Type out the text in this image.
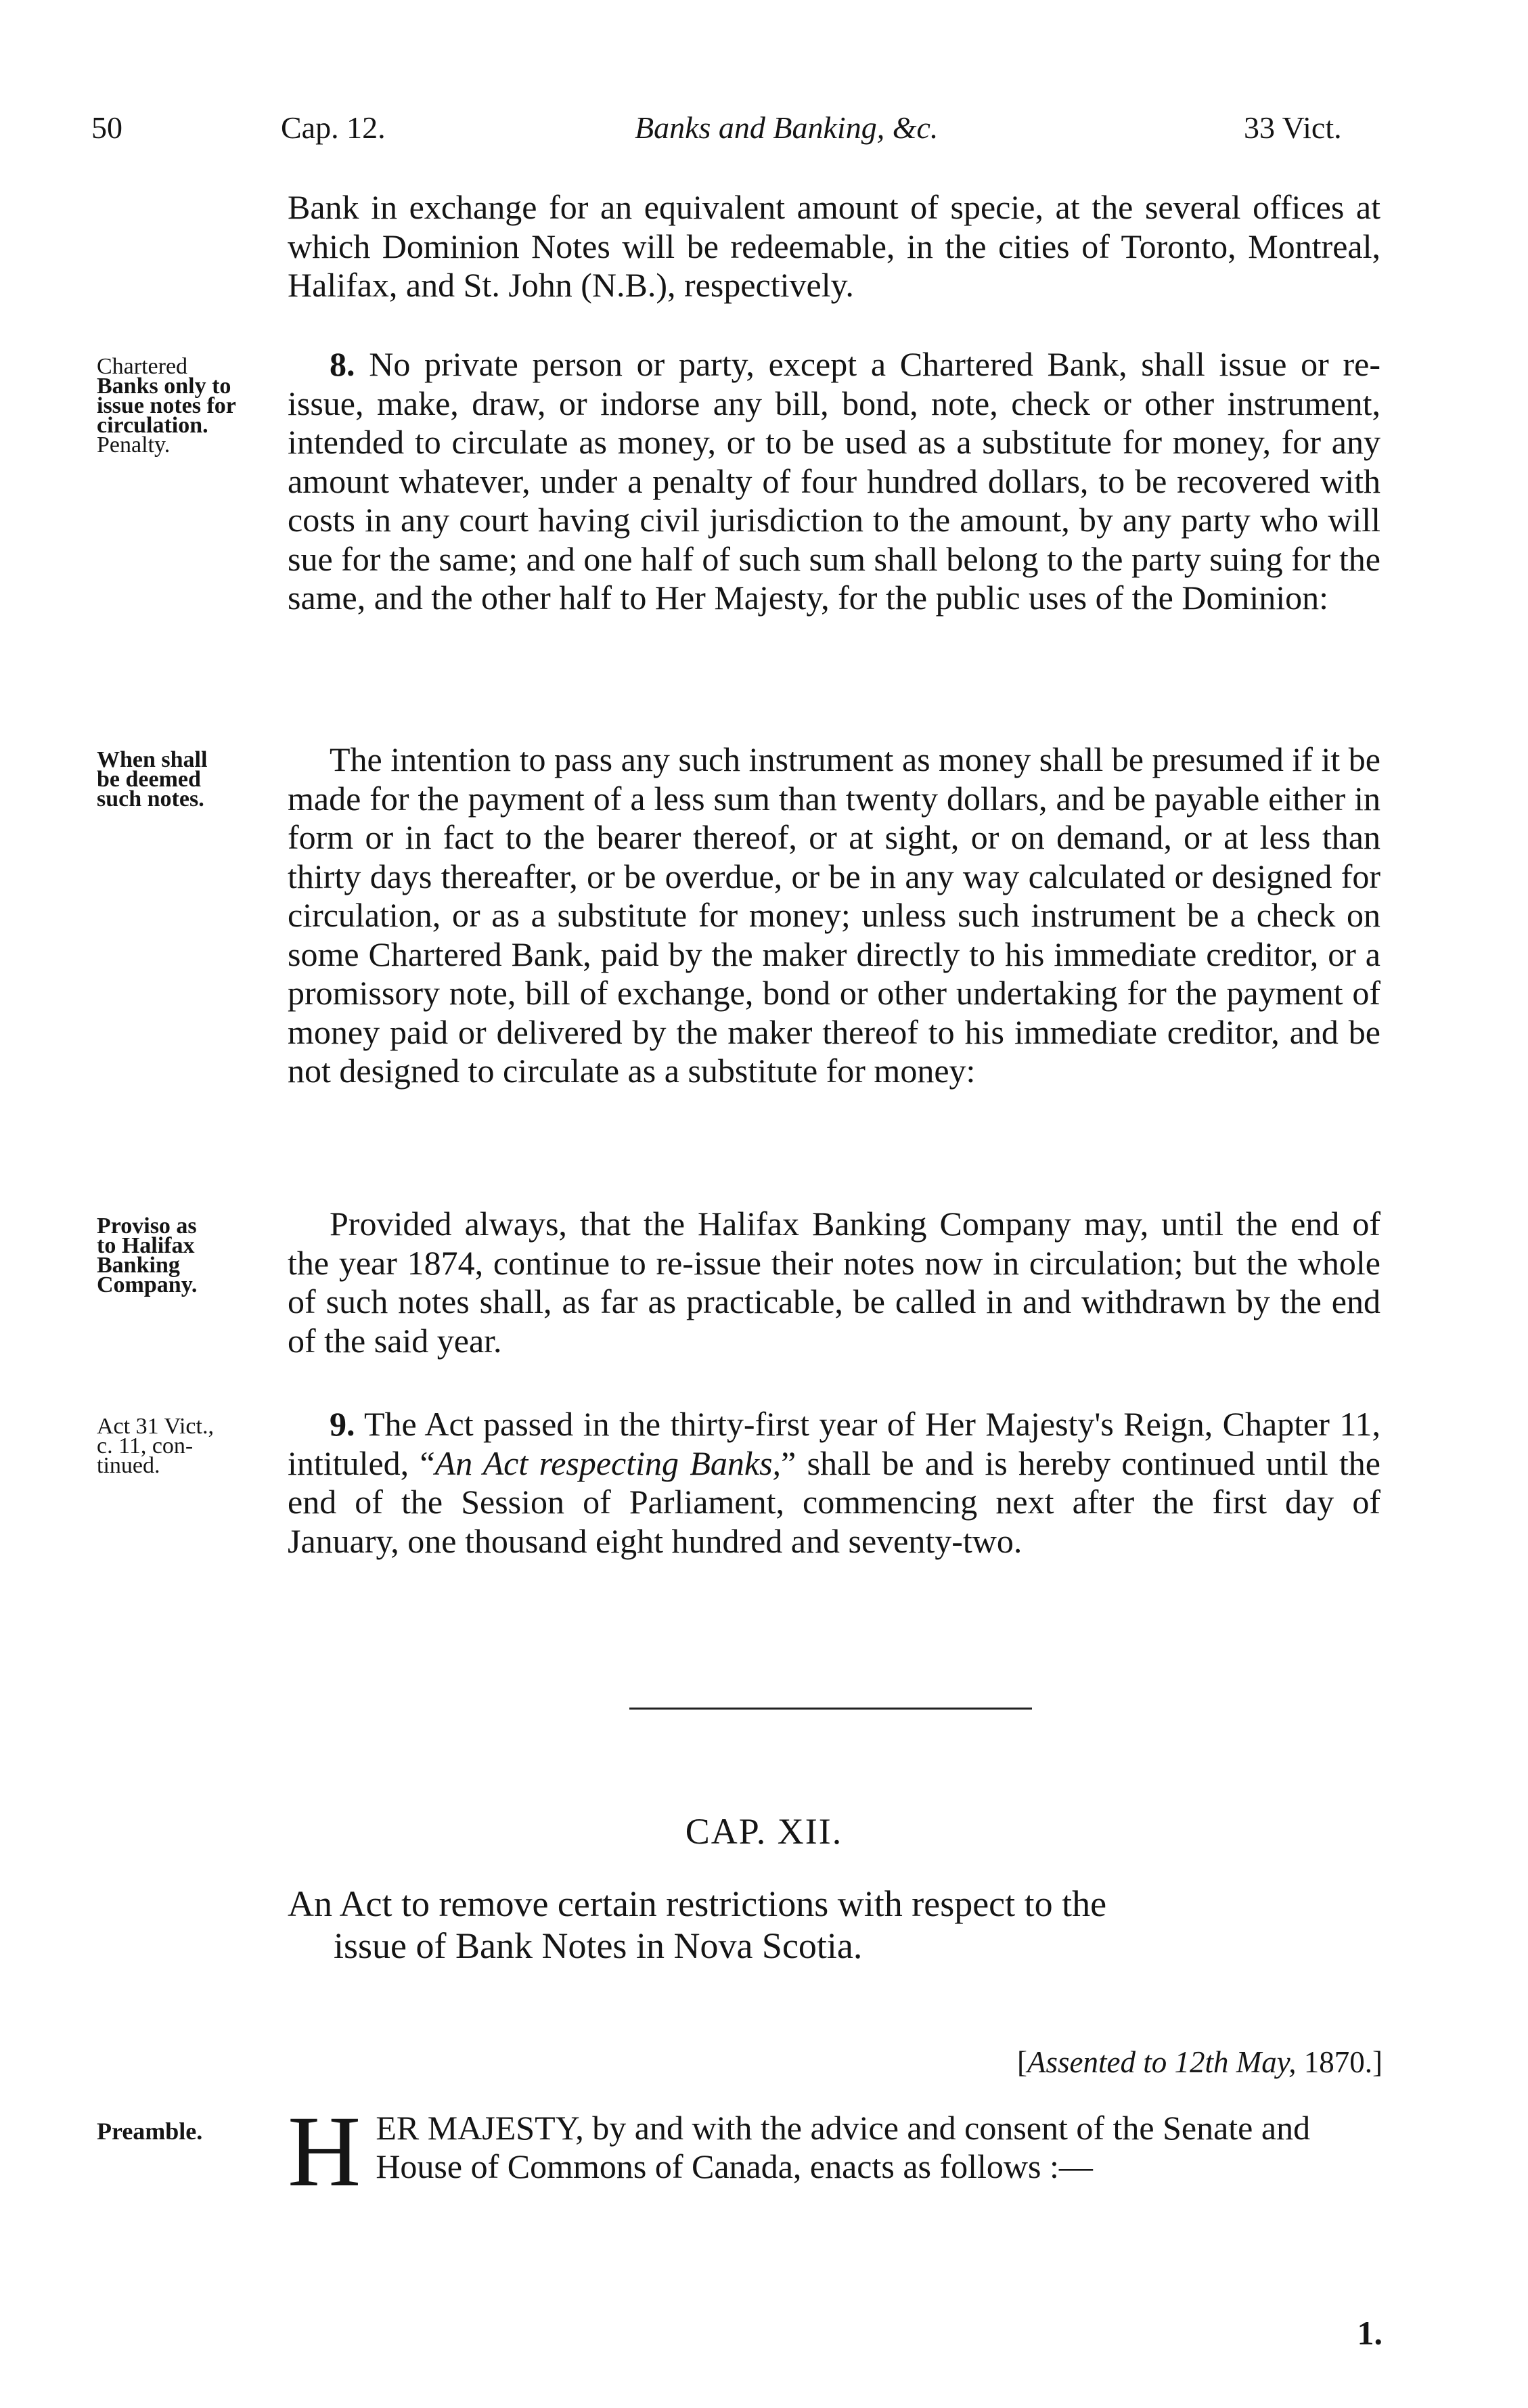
50	Cap. 12.	Banks and Banking, &c.	33 Vict.

Bank in exchange for an equivalent amount of specie, at the several offices at which Dominion Notes will be redeemable, in the cities of Toronto, Montreal, Halifax, and St. John (N.B.), respectively.

Chartered
Banks only to
issue notes for
circulation.
Penalty.

8. No private person or party, except a Chartered Bank, shall issue or re-issue, make, draw, or indorse any bill, bond, note, check or other instrument, intended to circulate as money, or to be used as a substitute for money, for any amount whatever, under a penalty of four hundred dollars, to be recovered with costs in any court having civil jurisdiction to the amount, by any party who will sue for the same; and one half of such sum shall belong to the party suing for the same, and the other half to Her Majesty, for the public uses of the Dominion:

When shall
be deemed
such notes.

The intention to pass any such instrument as money shall be presumed if it be made for the payment of a less sum than twenty dollars, and be payable either in form or in fact to the bearer thereof, or at sight, or on demand, or at less than thirty days thereafter, or be overdue, or be in any way calculated or designed for circulation, or as a substitute for money; unless such instrument be a check on some Chartered Bank, paid by the maker directly to his immediate creditor, or a promissory note, bill of exchange, bond or other undertaking for the payment of money paid or delivered by the maker thereof to his immediate creditor, and be not designed to circulate as a substitute for money:

Proviso as
to Halifax
Banking
Company.

Provided always, that the Halifax Banking Company may, until the end of the year 1874, continue to re-issue their notes now in circulation; but the whole of such notes shall, as far as practicable, be called in and withdrawn by the end of the said year.

Act 31 Vict.,
c. 11, con-
tinued.

9. The Act passed in the thirty-first year of Her Majesty's Reign, Chapter 11, intituled, “An Act respecting Banks,” shall be and is hereby continued until the end of the Session of Parliament, commencing next after the first day of January, one thousand eight hundred and seventy-two.

CAP. XII.
An Act to remove certain restrictions with respect to the
issue of Bank Notes in Nova Scotia.
[Assented to 12th May, 1870.]
Preamble. HER MAJESTY, by and with the advice and consent of the Senate and House of Commons of Canada, enacts as follows :—
1.
